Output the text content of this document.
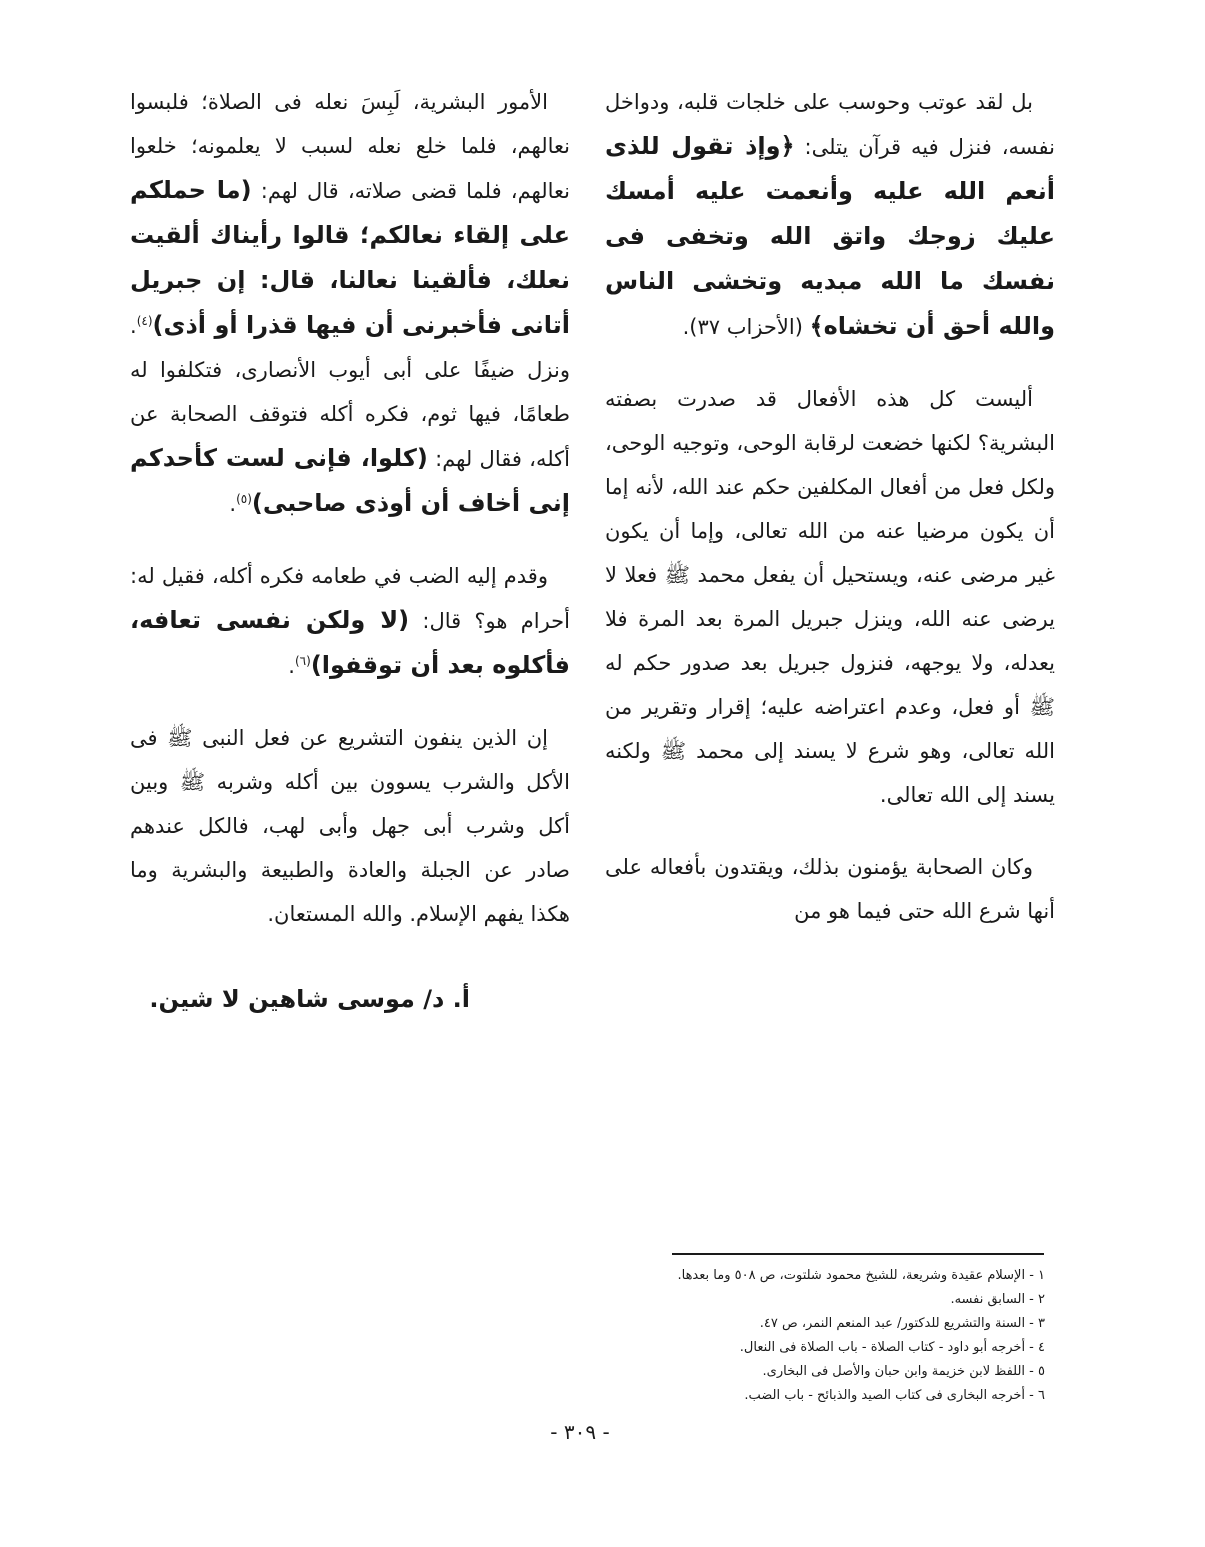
بل لقد عوتب وحوسب على خلجات قلبه، ودواخل نفسه، فنزل فيه قرآن يتلى: ﴿وإذ تقول للذى أنعم الله عليه وأنعمت عليه أمسك عليك زوجك واتق الله وتخفى فى نفسك ما الله مبديه وتخشى الناس والله أحق أن تخشاه﴾ (الأحزاب ٣٧).

أليست كل هذه الأفعال قد صدرت بصفته البشرية؟ لكنها خضعت لرقابة الوحى، وتوجيه الوحى، ولكل فعل من أفعال المكلفين حكم عند الله، لأنه إما أن يكون مرضيا عنه من الله تعالى، وإما أن يكون غير مرضى عنه، ويستحيل أن يفعل محمد ﷺ فعلا لا يرضى عنه الله، وينزل جبريل المرة بعد المرة فلا يعدله، ولا يوجهه، فنزول جبريل بعد صدور حكم له ﷺ أو فعل، وعدم اعتراضه عليه؛ إقرار وتقرير من الله تعالى، وهو شرع لا يسند إلى محمد ﷺ ولكنه يسند إلى الله تعالى.

وكان الصحابة يؤمنون بذلك، ويقتدون بأفعاله على أنها شرع الله حتى فيما هو من

الأمور البشرية، لَبِسَ نعله فى الصلاة؛ فلبسوا نعالهم، فلما خلع نعله لسبب لا يعلمونه؛ خلعوا نعالهم، فلما قضى صلاته، قال لهم: (ما حملكم على إلقاء نعالكم؛ قالوا رأيناك ألقيت نعلك، فألقينا نعالنا، قال: إن جبريل أتانى فأخبرنى أن فيها قذرا أو أذى)$^{(٤)}$. ونزل ضيفًا على أبى أيوب الأنصارى، فتكلفوا له طعامًا، فيها ثوم، فكره أكله فتوقف الصحابة عن أكله، فقال لهم: (كلوا، فإنى لست كأحدكم إنى أخاف أن أوذى صاحبى)$^{(٥)}$.

وقدم إليه الضب في طعامه فكره أكله، فقيل له: أحرام هو؟ قال: (لا ولكن نفسى تعافه، فأكلوه بعد أن توقفوا)$^{(٦)}$.

إن الذين ينفون التشريع عن فعل النبى ﷺ فى الأكل والشرب يسوون بين أكله وشربه ﷺ وبين أكل وشرب أبى جهل وأبى لهب، فالكل عندهم صادر عن الجبلة والعادة والطبيعة والبشرية وما هكذا يفهم الإسلام. والله المستعان.

أ. د/ موسى شاهين لا شين.
١ - الإسلام عقيدة وشريعة، للشيخ محمود شلتوت، ص ٥٠٨ وما بعدها.
٢ - السابق نفسه.
٣ - السنة والتشريع للدكتور/ عبد المنعم النمر، ص ٤٧.
٤ - أخرجه أبو داود - كتاب الصلاة - باب الصلاة فى النعال.
٥ - اللفظ لابن خزيمة وابن حبان والأصل فى البخارى.
٦ - أخرجه البخارى فى كتاب الصيد والذبائح - باب الضب.
- ٣٠٩ -
